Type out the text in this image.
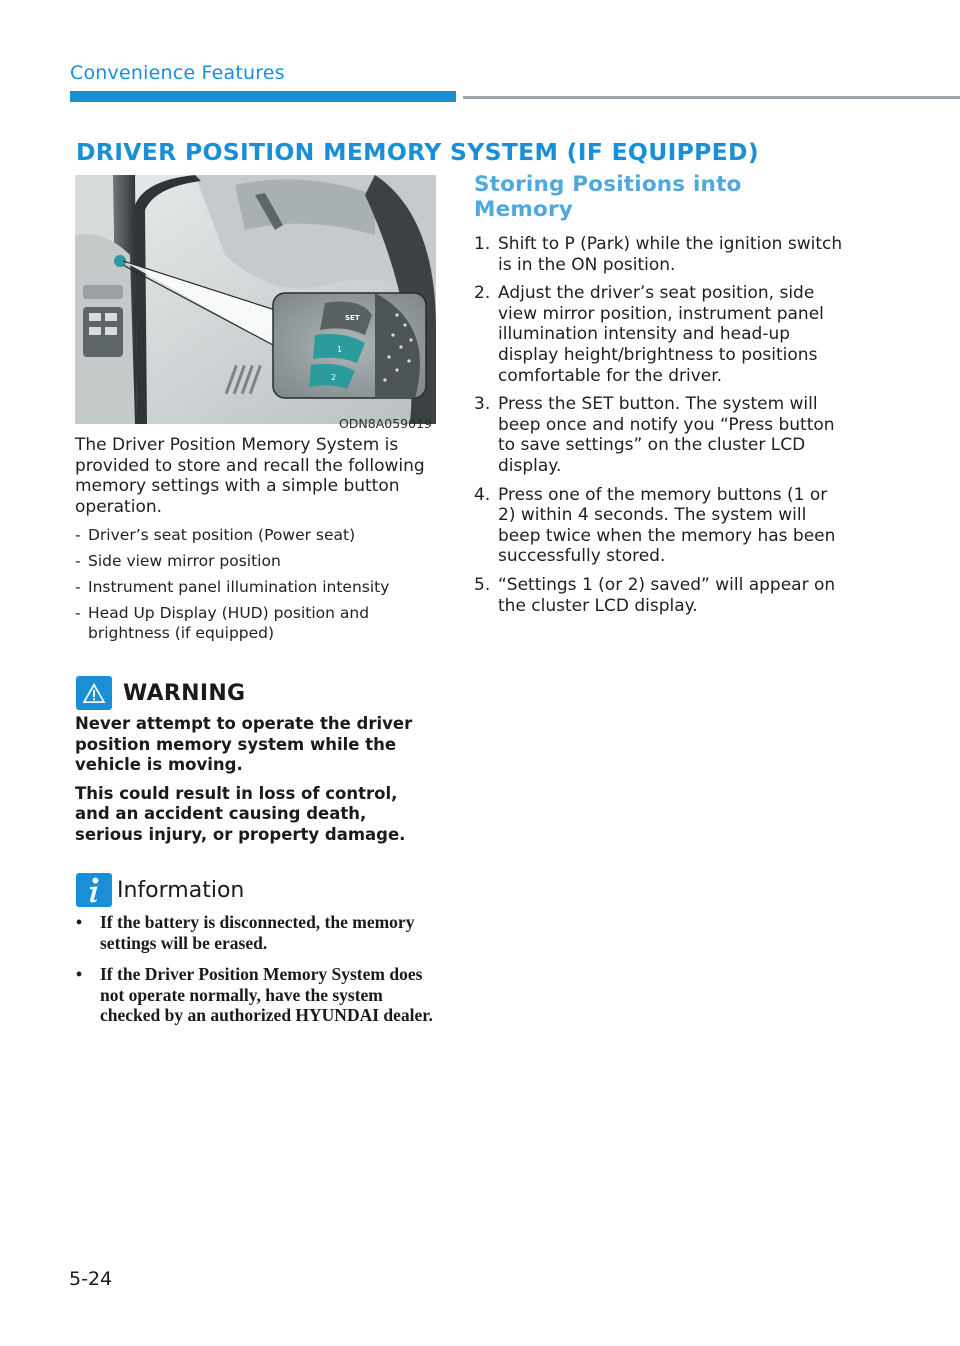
Convenience Features
DRIVER POSITION MEMORY SYSTEM (IF EQUIPPED)
SET
1
2
ODN8A059019

The Driver Position Memory System is provided to store and recall the following memory settings with a simple button operation.

- Driver’s seat position (Power seat)
- Side view mirror position
- Instrument panel illumination intensity
- Head Up Display (HUD) position and brightness (if equipped)
WARNING

Never attempt to operate the driver position memory system while the vehicle is moving.

This could result in loss of control, and an accident causing death, serious injury, or property damage.

Information
• If the battery is disconnected, the memory settings will be erased.
• If the Driver Position Memory System does not operate normally, have the system checked by an authorized HYUNDAI dealer.
Storing Positions into Memory
1. Shift to P (Park) while the ignition switch is in the ON position.
2. Adjust the driver’s seat position, side view mirror position, instrument panel illumination intensity and head-up display height/brightness to positions comfortable for the driver.
3. Press the SET button. The system will beep once and notify you “Press button to save settings” on the cluster LCD display.
4. Press one of the memory buttons (1 or 2) within 4 seconds. The system will beep twice when the memory has been successfully stored.
5. “Settings 1 (or 2) saved” will appear on the cluster LCD display.
5-24
